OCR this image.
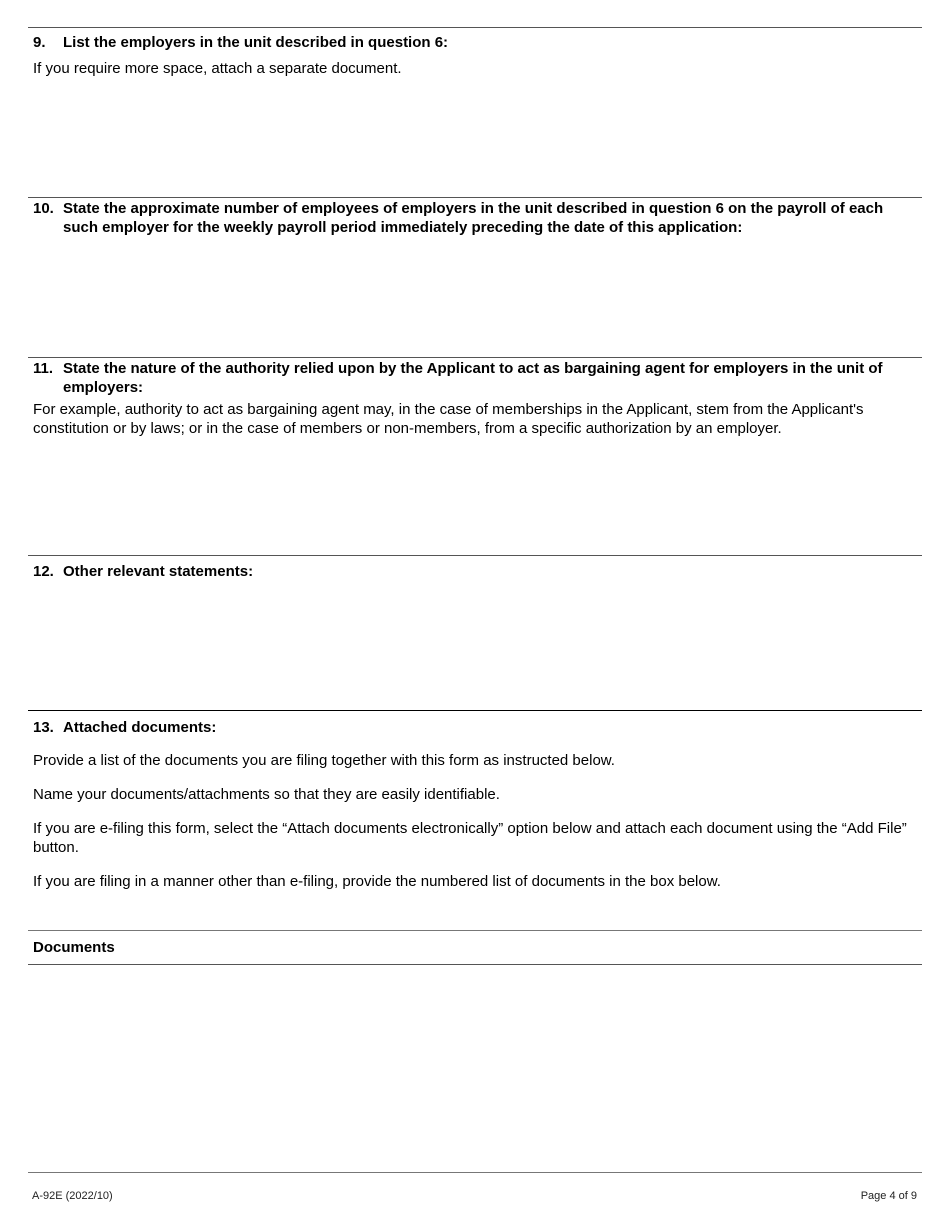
9.	List the employers in the unit described in question 6:
If you require more space, attach a separate document.
10. State the approximate number of employees of employers in the unit described in question 6 on the payroll of each such employer for the weekly payroll period immediately preceding the date of this application:
11. State the nature of the authority relied upon by the Applicant to act as bargaining agent for employers in the unit of employers:
For example, authority to act as bargaining agent may, in the case of memberships in the Applicant, stem from the Applicant's constitution or by laws; or in the case of members or non-members, from a specific authorization by an employer.
12. Other relevant statements:
13. Attached documents:
Provide a list of the documents you are filing together with this form as instructed below.
Name your documents/attachments so that they are easily identifiable.
If you are e-filing this form, select the “Attach documents electronically” option below and attach each document using the “Add File” button.
If you are filing in a manner other than e-filing, provide the numbered list of documents in the box below.
Documents
A-92E (2022/10)	Page 4 of 9
